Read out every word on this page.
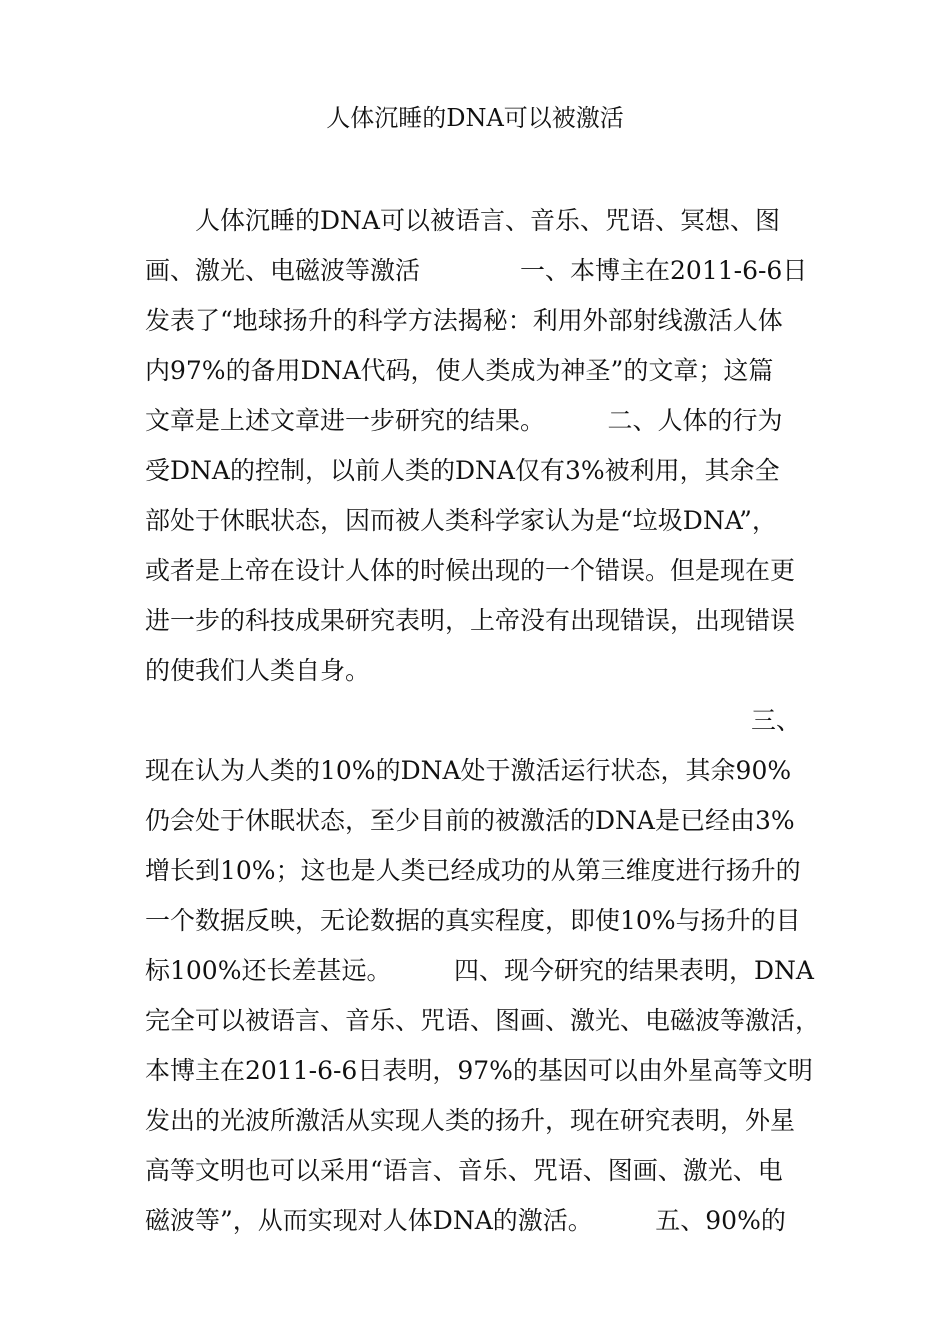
人体沉睡的DNA可以被激活
人体沉睡的DNA可以被语言、音乐、咒语、冥想、图
画、激光、电磁波等激活　　　　一、本博主在2011-6-6日
发表了“地球扬升的科学方法揭秘：利用外部射线激活人体
内97%的备用DNA代码，使人类成为神圣”的文章；这篇
文章是上述文章进一步研究的结果。　　　二、人体的行为
受DNA的控制，以前人类的DNA仅有3%被利用，其余全
部处于休眠状态，因而被人类科学家认为是“垃圾DNA”，
或者是上帝在设计人体的时候出现的一个错误。但是现在更
进一步的科技成果研究表明，上帝没有出现错误，出现错误
的使我们人类自身。
三、
现在认为人类的10%的DNA处于激活运行状态，其余90%
仍会处于休眠状态，至少目前的被激活的DNA是已经由3%
增长到10%；这也是人类已经成功的从第三维度进行扬升的
一个数据反映，无论数据的真实程度，即使10%与扬升的目
标100%还长差甚远。　　　四、现今研究的结果表明，DNA
完全可以被语言、音乐、咒语、图画、激光、电磁波等激活，
本博主在2011-6-6日表明，97%的基因可以由外星高等文明
发出的光波所激活从实现人类的扬升，现在研究表明，外星
高等文明也可以采用“语言、音乐、咒语、图画、激光、电
磁波等”，从而实现对人体DNA的激活。　　　五、90%的
